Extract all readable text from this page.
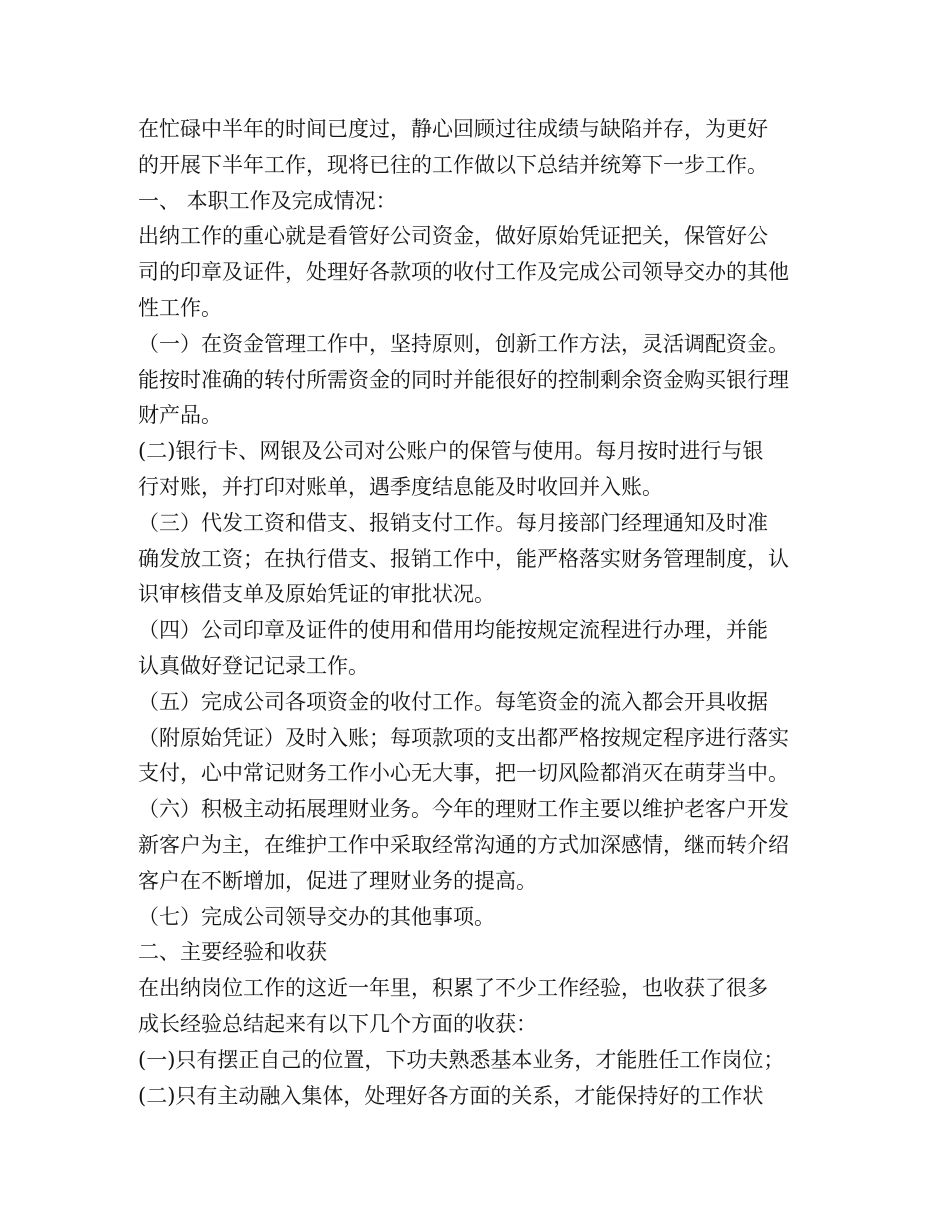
在忙碌中半年的时间已度过，静心回顾过往成绩与缺陷并存，为更好
的开展下半年工作，现将已往的工作做以下总结并统筹下一步工作。
一、 本职工作及完成情况：
出纳工作的重心就是看管好公司资金，做好原始凭证把关，保管好公
司的印章及证件，处理好各款项的收付工作及完成公司领导交办的其他
性工作。
（一）在资金管理工作中，坚持原则，创新工作方法，灵活调配资金。
能按时准确的转付所需资金的同时并能很好的控制剩余资金购买银行理
财产品。
(二)银行卡、网银及公司对公账户的保管与使用。每月按时进行与银
行对账，并打印对账单，遇季度结息能及时收回并入账。
（三）代发工资和借支、报销支付工作。每月接部门经理通知及时准
确发放工资；在执行借支、报销工作中，能严格落实财务管理制度，认
识审核借支单及原始凭证的审批状况。
（四）公司印章及证件的使用和借用均能按规定流程进行办理，并能
认真做好登记记录工作。
（五）完成公司各项资金的收付工作。每笔资金的流入都会开具收据
（附原始凭证）及时入账；每项款项的支出都严格按规定程序进行落实
支付，心中常记财务工作小心无大事，把一切风险都消灭在萌芽当中。
（六）积极主动拓展理财业务。今年的理财工作主要以维护老客户开发
新客户为主，在维护工作中采取经常沟通的方式加深感情，继而转介绍
客户在不断增加，促进了理财业务的提高。
（七）完成公司领导交办的其他事项。
二、主要经验和收获
在出纳岗位工作的这近一年里，积累了不少工作经验，也收获了很多
成长经验总结起来有以下几个方面的收获：
(一)只有摆正自己的位置，下功夫熟悉基本业务，才能胜任工作岗位；
(二)只有主动融入集体，处理好各方面的关系，才能保持好的工作状
